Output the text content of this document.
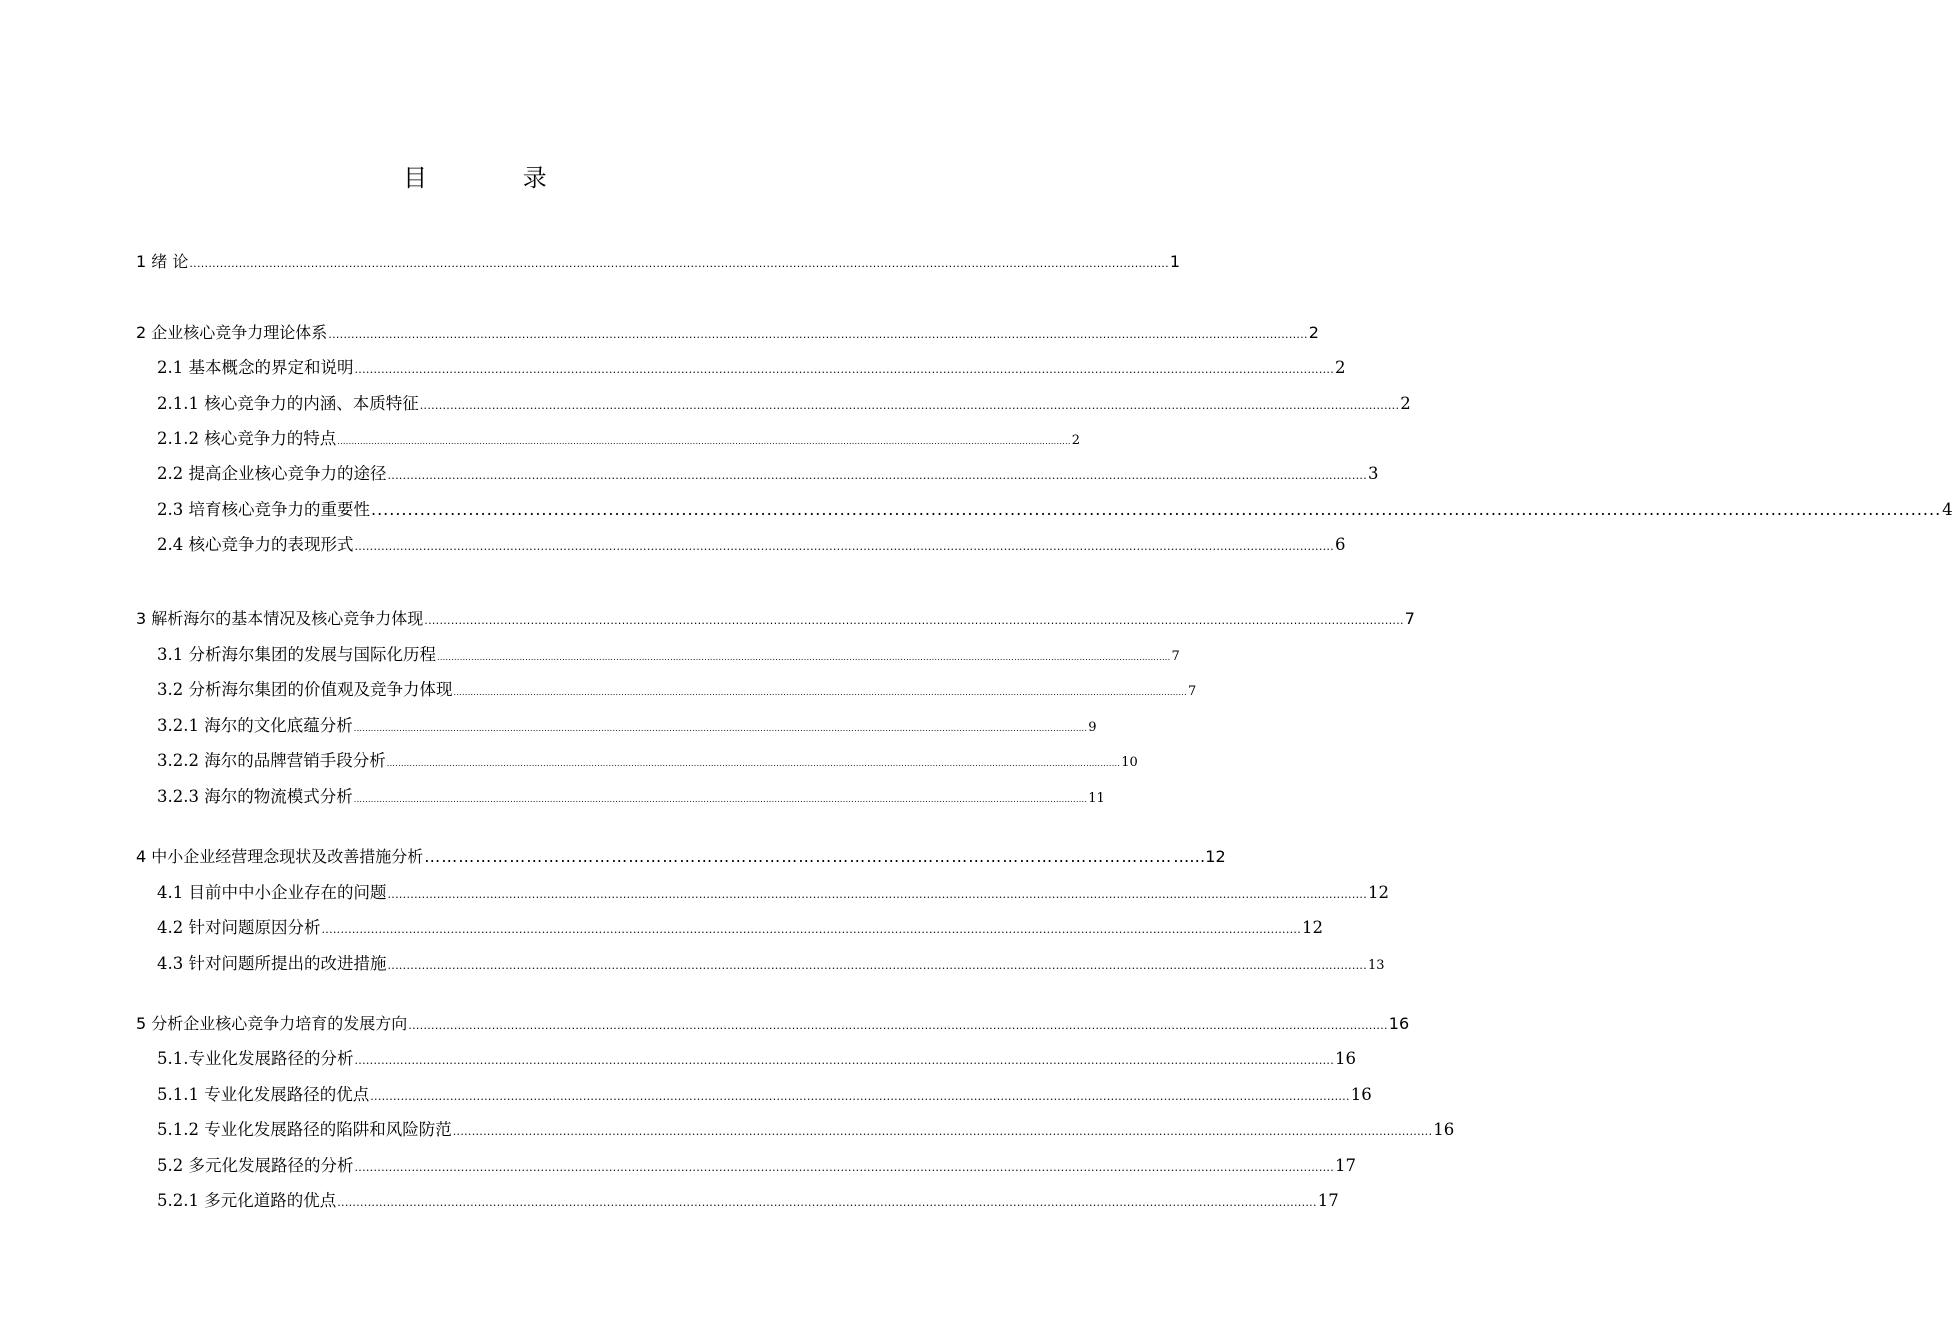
目 录
1 绪 论 .................................................................................................................................................................................................................................................................. 1
2 企业核心竞争力理论体系 .................................................................................................................................................................................................................................................................. 2
2.1 基本概念的界定和说明 .................................................................................................................................................................................................................................................................. 2
2.1.1 核心竞争力的内涵、本质特征 .................................................................................................................................................................................................................................................................. 2
2.1.2 核心竞争力的特点 .................................................................................................................................................................................................................................................................. 2
2.2 提高企业核心竞争力的途径 .................................................................................................................................................................................................................................................................. 3
2.3 培育核心竞争力的重要性 .................................................................................................................................................................................................................................................................. 4
2.4 核心竞争力的表现形式 .................................................................................................................................................................................................................................................................. 6
3 解析海尔的基本情况及核心竞争力体现 .................................................................................................................................................................................................................................................................. 7
3.1 分析海尔集团的发展与国际化历程 .................................................................................................................................................................................................................................................................. 7
3.2 分析海尔集团的价值观及竞争力体现 .................................................................................................................................................................................................................................................................. 7
3.2.1 海尔的文化底蕴分析 .................................................................................................................................................................................................................................................................. 9
3.2.2 海尔的品牌营销手段分析 .................................................................................................................................................................................................................................................................. 10
3.2.3 海尔的物流模式分析 .................................................................................................................................................................................................................................................................. 11
4 中小企业经营理念现状及改善措施分析 …………………………………………………………………………………………………………………… ……12
4.1 目前中中小企业存在的问题 .................................................................................................................................................................................................................................................................. 12
4.2 针对问题原因分析 .................................................................................................................................................................................................................................................................. 12
4.3 针对问题所提出的改进措施 .................................................................................................................................................................................................................................................................. 13
5 分析企业核心竞争力培育的发展方向 .................................................................................................................................................................................................................................................................. 16
5.1.专业化发展路径的分析 .................................................................................................................................................................................................................................................................. 16
5.1.1 专业化发展路径的优点 .................................................................................................................................................................................................................................................................. 16
5.1.2 专业化发展路径的陷阱和风险防范 .................................................................................................................................................................................................................................................................. 16
5.2 多元化发展路径的分析 .................................................................................................................................................................................................................................................................. 17
5.2.1 多元化道路的优点 .................................................................................................................................................................................................................................................................. 17
